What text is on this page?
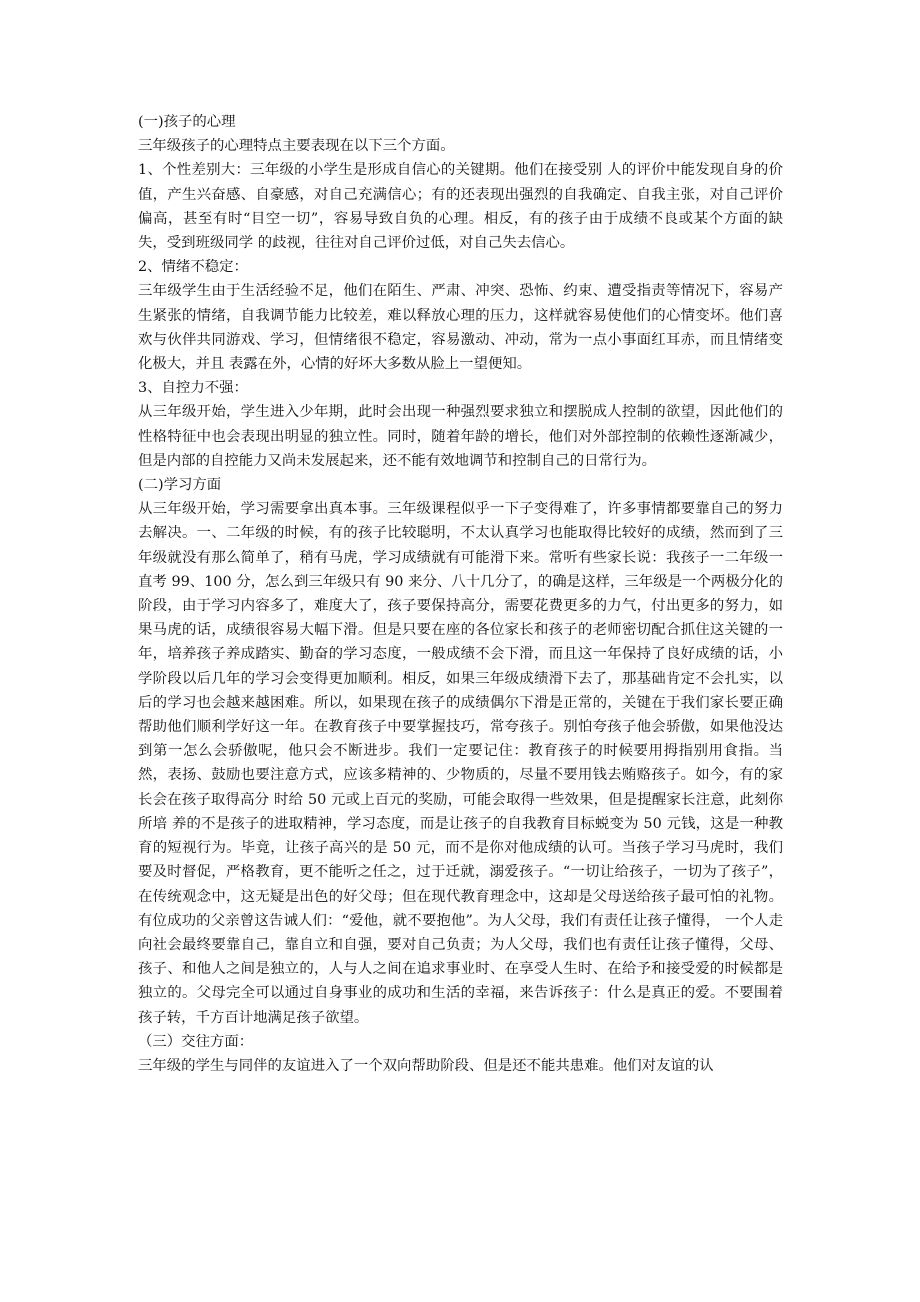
(一)孩子的心理
三年级孩子的心理特点主要表现在以下三个方面。
1、个性差别大：三年级的小学生是形成自信心的关键期。他们在接受别 人的评价中能发现自身的价值，产生兴奋感、自豪感，对自己充满信心；有的还表现出强烈的自我确定、自我主张，对自己评价偏高，甚至有时“目空一切”，容易导致自负的心理。相反，有的孩子由于成绩不良或某个方面的缺失，受到班级同学 的歧视，往往对自己评价过低，对自己失去信心。
2、情绪不稳定：
三年级学生由于生活经验不足，他们在陌生、严肃、冲突、恐怖、约束、遭受指责等情况下，容易产生紧张的情绪，自我调节能力比较差，难以释放心理的压力，这样就容易使他们的心情变坏。他们喜欢与伙伴共同游戏、学习，但情绪很不稳定，容易激动、冲动，常为一点小事面红耳赤，而且情绪变化极大，并且 表露在外，心情的好坏大多数从脸上一望便知。
3、自控力不强：
从三年级开始，学生进入少年期，此时会出现一种强烈要求独立和摆脱成人控制的欲望，因此他们的性格特征中也会表现出明显的独立性。同时，随着年龄的增长，他们对外部控制的依赖性逐渐减少，但是内部的自控能力又尚未发展起来，还不能有效地调节和控制自己的日常行为。
(二)学习方面
从三年级开始，学习需要拿出真本事。三年级课程似乎一下子变得难了，许多事情都要靠自己的努力去解决。一、二年级的时候，有的孩子比较聪明，不太认真学习也能取得比较好的成绩，然而到了三年级就没有那么简单了，稍有马虎，学习成绩就有可能滑下来。常听有些家长说：我孩子一二年级一直考 99、100 分，怎么到三年级只有 90 来分、八十几分了，的确是这样，三年级是一个两极分化的阶段，由于学习内容多了，难度大了，孩子要保持高分，需要花费更多的力气，付出更多的努力，如果马虎的话，成绩很容易大幅下滑。但是只要在座的各位家长和孩子的老师密切配合抓住这关键的一年，培养孩子养成踏实、勤奋的学习态度，一般成绩不会下滑，而且这一年保持了良好成绩的话，小学阶段以后几年的学习会变得更加顺利。相反，如果三年级成绩滑下去了，那基础肯定不会扎实，以后的学习也会越来越困难。所以，如果现在孩子的成绩偶尔下滑是正常的，关键在于我们家长要正确帮助他们顺利学好这一年。在教育孩子中要掌握技巧，常夸孩子。别怕夸孩子他会骄傲，如果他没达到第一怎么会骄傲呢，他只会不断进步。我们一定要记住：教育孩子的时候要用拇指别用食指。当然，表扬、鼓励也要注意方式，应该多精神的、少物质的，尽量不要用钱去贿赂孩子。如今，有的家长会在孩子取得高分 时给 50 元或上百元的奖励，可能会取得一些效果，但是提醒家长注意，此刻你所培 养的不是孩子的进取精神，学习态度，而是让孩子的自我教育目标蜕变为 50 元钱，这是一种教育的短视行为。毕竟，让孩子高兴的是 50 元，而不是你对他成绩的认可。当孩子学习马虎时，我们要及时督促，严格教育，更不能听之任之，过于迁就，溺爱孩子。“一切让给孩子，一切为了孩子”，在传统观念中，这无疑是出色的好父母；但在现代教育理念中，这却是父母送给孩子最可怕的礼物。有位成功的父亲曾这告诫人们：“爱他，就不要抱他”。为人父母，我们有责任让孩子懂得， 一个人走向社会最终要靠自己，靠自立和自强，要对自己负责；为人父母，我们也有责任让孩子懂得，父母、孩子、和他人之间是独立的，人与人之间在追求事业时、在享受人生时、在给予和接受爱的时候都是独立的。父母完全可以通过自身事业的成功和生活的幸福，来告诉孩子：什么是真正的爱。不要围着孩子转，千方百计地满足孩子欲望。
（三）交往方面：
三年级的学生与同伴的友谊进入了一个双向帮助阶段、但是还不能共患难。他们对友谊的认
